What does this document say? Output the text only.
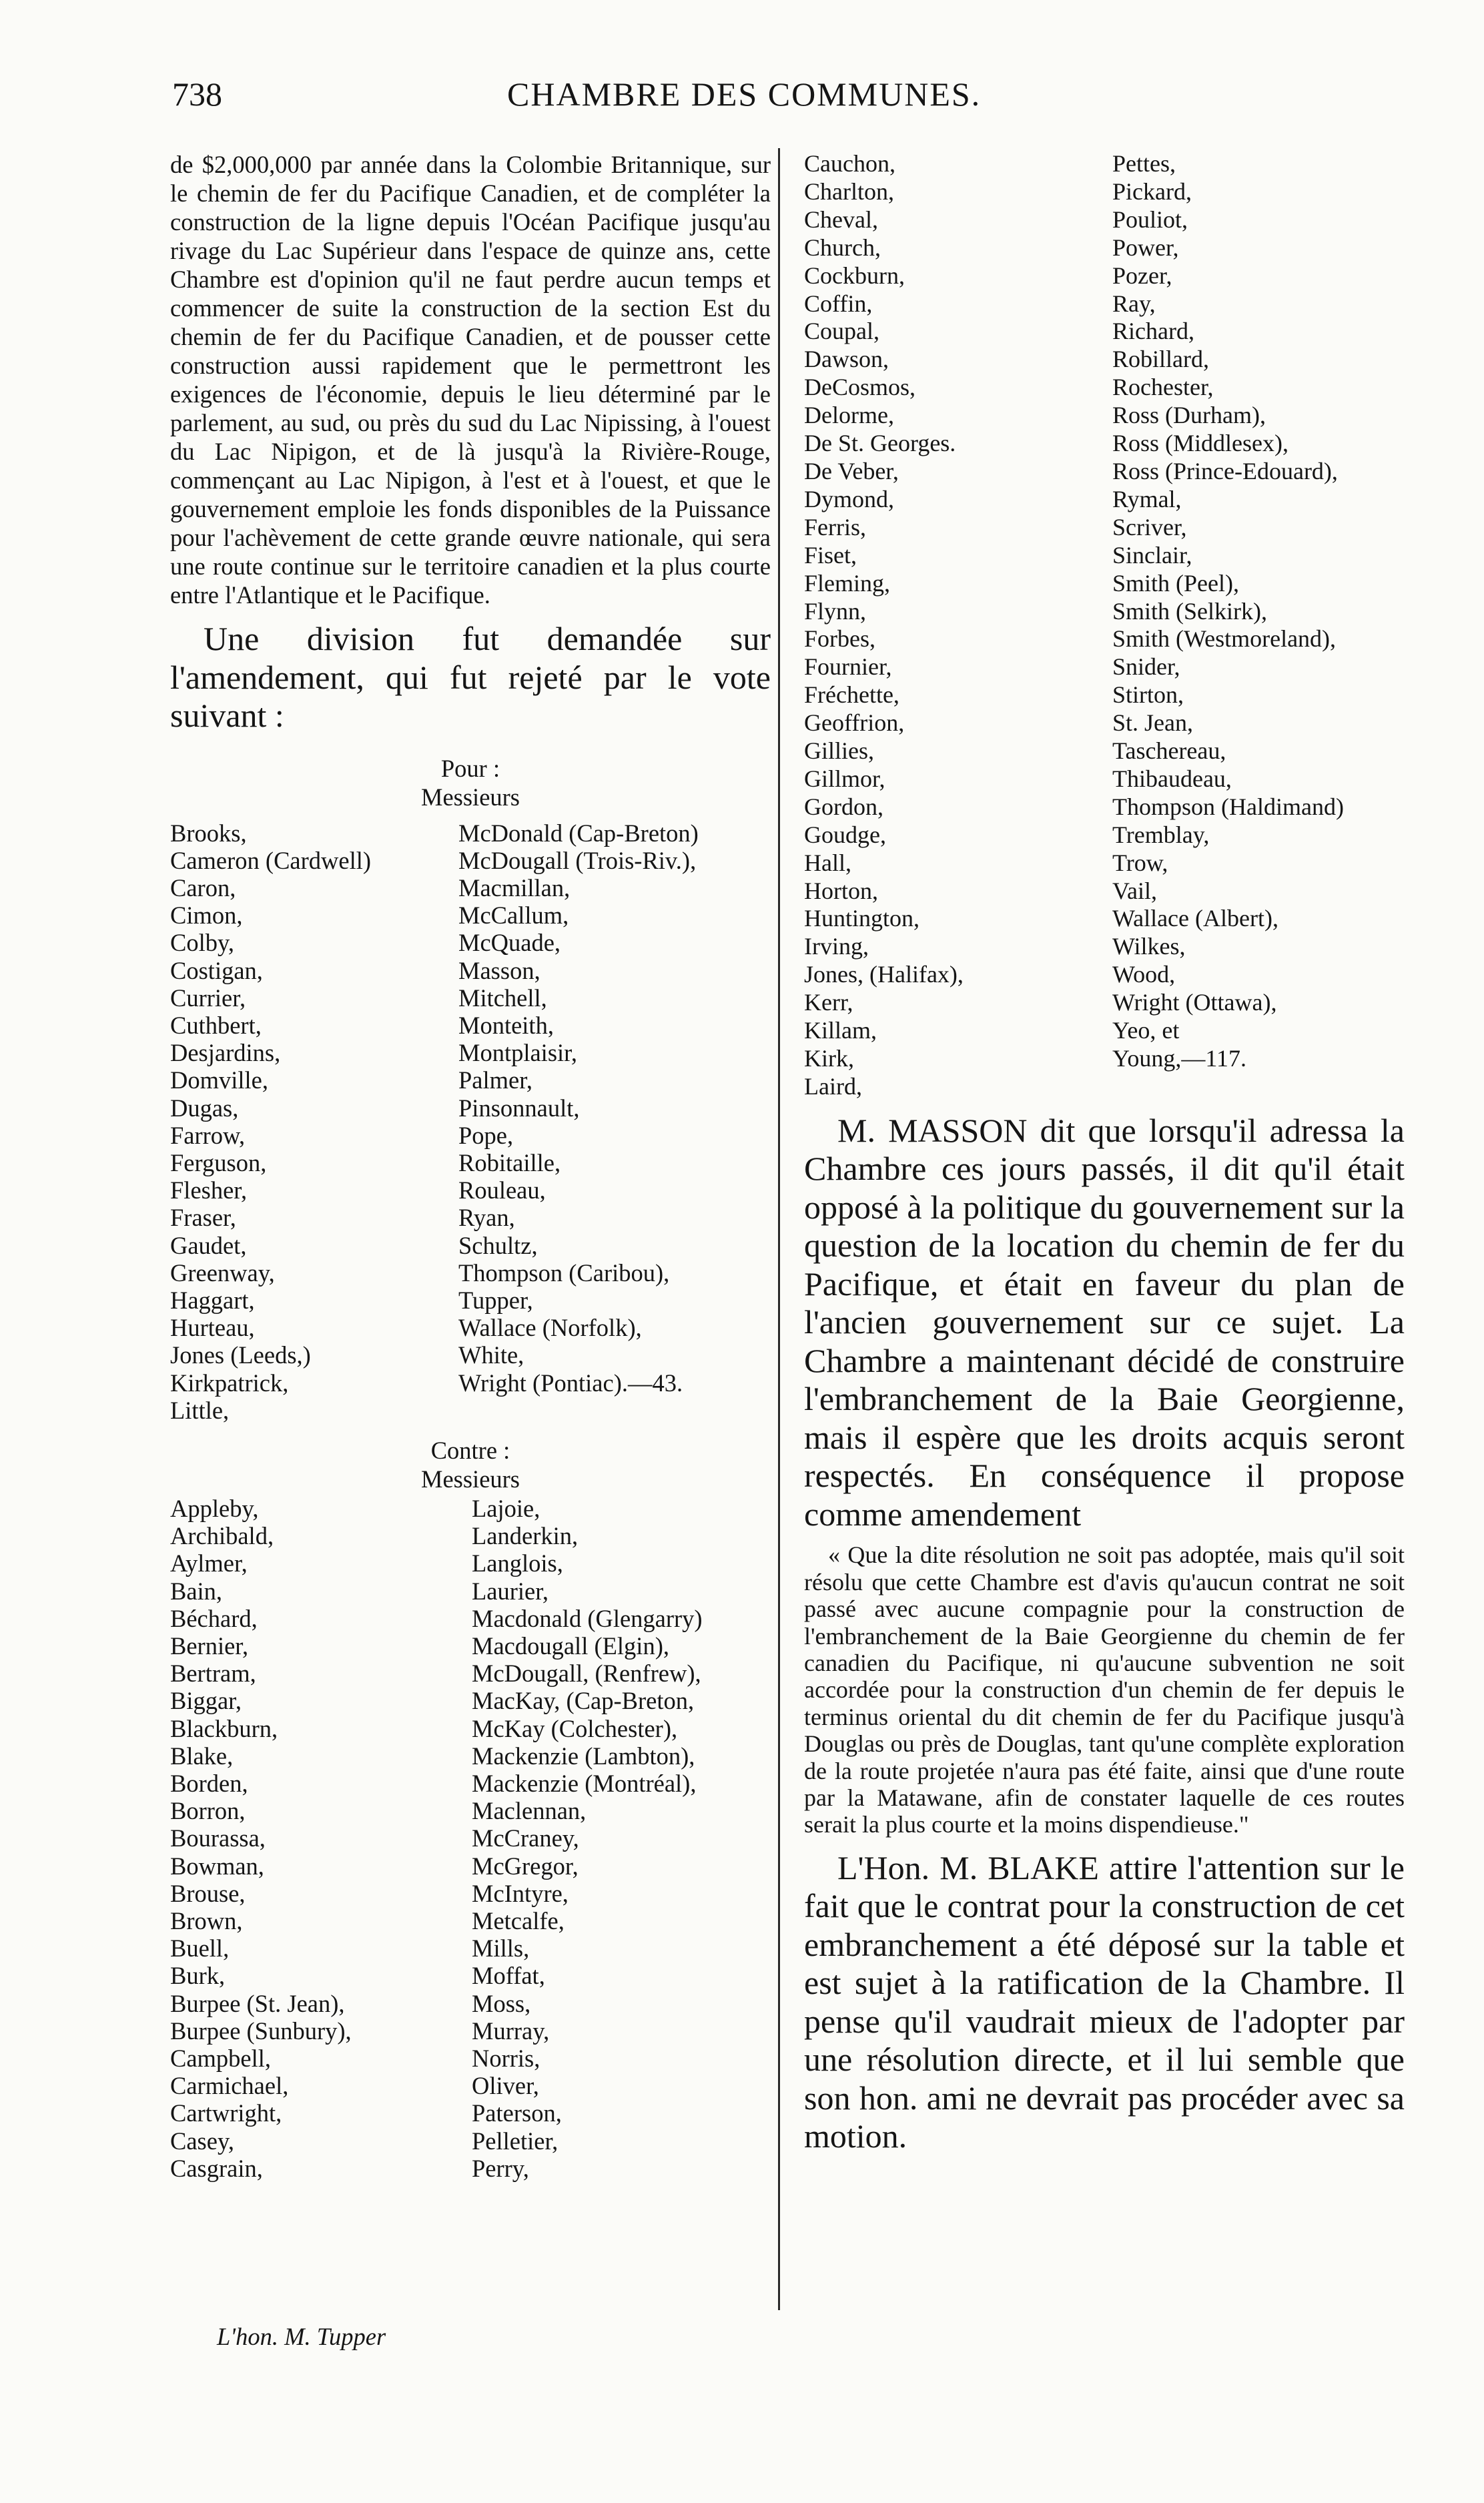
738	CHAMBRE DES COMMUNES.

de $2,000,000 par année dans la Colombie Britannique, sur le chemin de fer du Pacifique Canadien, et de compléter la construction de la ligne depuis l'Océan Pacifique jusqu'au rivage du Lac Supérieur dans l'espace de quinze ans, cette Chambre est d'opinion qu'il ne faut perdre aucun temps et commencer de suite la construction de la section Est du chemin de fer du Pacifique Canadien, et de pousser cette construction aussi rapidement que le permettront les exigences de l'économie, depuis le lieu déterminé par le parlement, au sud, ou près du sud du Lac Nipissing, à l'ouest du Lac Nipigon, et de là jusqu'à la Rivière-Rouge, commençant au Lac Nipigon, à l'est et à l'ouest, et que le gouvernement emploie les fonds disponibles de la Puissance pour l'achèvement de cette grande œuvre nationale, qui sera une route continue sur le territoire canadien et la plus courte entre l'Atlantique et le Pacifique.

Une division fut demandée sur l'amendement, qui fut rejeté par le vote suivant :

Pour :
Messieurs
Brooks,	McDonald (Cap-Breton)
Cameron (Cardwell)	McDougall (Trois-Riv.),
Caron,	Macmillan,
Cimon,	McCallum,
Colby,	McQuade,
Costigan,	Masson,
Currier,	Mitchell,
Cuthbert,	Monteith,
Desjardins,	Montplaisir,
Domville,	Palmer,
Dugas,	Pinsonnault,
Farrow,	Pope,
Ferguson,	Robitaille,
Flesher,	Rouleau,
Fraser,	Ryan,
Gaudet,	Schultz,
Greenway,	Thompson (Caribou),
Haggart,	Tupper,
Hurteau,	Wallace (Norfolk),
Jones (Leeds,)	White,
Kirkpatrick,	Wright (Pontiac).—43.
Little,
Contre :
Messieurs
Appleby,	Lajoie,
Archibald,	Landerkin,
Aylmer,	Langlois,
Bain,	Laurier,
Béchard,	Macdonald (Glengarry)
Bernier,	Macdougall (Elgin),
Bertram,	McDougall, (Renfrew),
Biggar,	MacKay, (Cap-Breton,
Blackburn,	McKay (Colchester),
Blake,	Mackenzie (Lambton),
Borden,	Mackenzie (Montréal),
Borron,	Maclennan,
Bourassa,	McCraney,
Bowman,	McGregor,
Brouse,	McIntyre,
Brown,	Metcalfe,
Buell,	Mills,
Burk,	Moffat,
Burpee (St. Jean),	Moss,
Burpee (Sunbury),	Murray,
Campbell,	Norris,
Carmichael,	Oliver,
Cartwright,	Paterson,
Casey,	Pelletier,
Casgrain,	Perry,
L'hon. M. Tupper
Cauchon,	Pettes,
Charlton,	Pickard,
Cheval,	Pouliot,
Church,	Power,
Cockburn,	Pozer,
Coffin,	Ray,
Coupal,	Richard,
Dawson,	Robillard,
DeCosmos,	Rochester,
Delorme,	Ross (Durham),
De St. Georges.	Ross (Middlesex),
De Veber,	Ross (Prince-Edouard),
Dymond,	Rymal,
Ferris,	Scriver,
Fiset,	Sinclair,
Fleming,	Smith (Peel),
Flynn,	Smith (Selkirk),
Forbes,	Smith (Westmoreland),
Fournier,	Snider,
Fréchette,	Stirton,
Geoffrion,	St. Jean,
Gillies,	Taschereau,
Gillmor,	Thibaudeau,
Gordon,	Thompson (Haldimand)
Goudge,	Tremblay,
Hall,	Trow,
Horton,	Vail,
Huntington,	Wallace (Albert),
Irving,	Wilkes,
Jones, (Halifax),	Wood,
Kerr,	Wright (Ottawa),
Killam,	Yeo, et
Kirk,	Young,—117.
Laird,

M. MASSON dit que lorsqu'il adressa la Chambre ces jours passés, il dit qu'il était opposé à la politique du gouvernement sur la question de la location du chemin de fer du Pacifique, et était en faveur du plan de l'ancien gouvernement sur ce sujet. La Chambre a maintenant décidé de construire l'embranchement de la Baie Georgienne, mais il espère que les droits acquis seront respectés. En conséquence il propose comme amendement

« Que la dite résolution ne soit pas adoptée, mais qu'il soit résolu que cette Chambre est d'avis qu'aucun contrat ne soit passé avec aucune compagnie pour la construction de l'embranchement de la Baie Georgienne du chemin de fer canadien du Pacifique, ni qu'aucune subvention ne soit accordée pour la construction d'un chemin de fer depuis le terminus oriental du dit chemin de fer du Pacifique jusqu'à Douglas ou près de Douglas, tant qu'une complète exploration de la route projetée n'aura pas été faite, ainsi que d'une route par la Matawane, afin de constater laquelle de ces routes serait la plus courte et la moins dispendieuse."

L'Hon. M. BLAKE attire l'attention sur le fait que le contrat pour la construction de cet embranchement a été déposé sur la table et est sujet à la ratification de la Chambre. Il pense qu'il vaudrait mieux de l'adopter par une résolution directe, et il lui semble que son hon. ami ne devrait pas procéder avec sa motion.
